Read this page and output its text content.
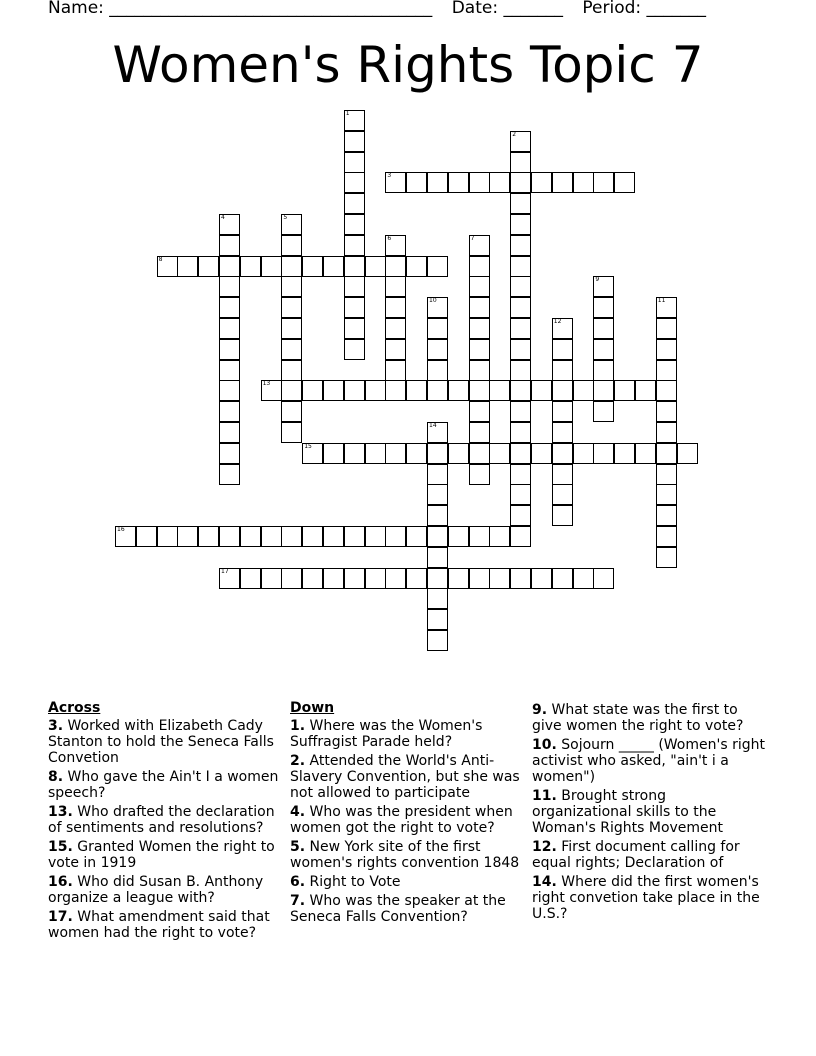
Name: ______________________________________ Date: _______ Period: _______
Women's Rights Topic 7
1
2
3
4	5
6	7
8
9
10	11
12
13
14
15
16
17
Across
3. Worked with Elizabeth Cady Stanton to hold the Seneca Falls Convetion
8. Who gave the Ain't I a women speech?
13. Who drafted the declaration of sentiments and resolutions?
15. Granted Women the right to vote in 1919
16. Who did Susan B. Anthony organize a league with?
17. What amendment said that women had the right to vote?
Down
1. Where was the Women's Suffragist Parade held?
2. Attended the World's Anti-Slavery Convention, but she was not allowed to participate
4. Who was the president when women got the right to vote?
5. New York site of the first women's rights convention 1848
6. Right to Vote
7. Who was the speaker at the Seneca Falls Convention?
9. What state was the first to give women the right to vote?
10. Sojourn _____ (Women's right activist who asked, "ain't i a women")
11. Brought strong organizational skills to the Woman's Rights Movement
12. First document calling for equal rights; Declaration of
14. Where did the first women's right convetion take place in the U.S.?
